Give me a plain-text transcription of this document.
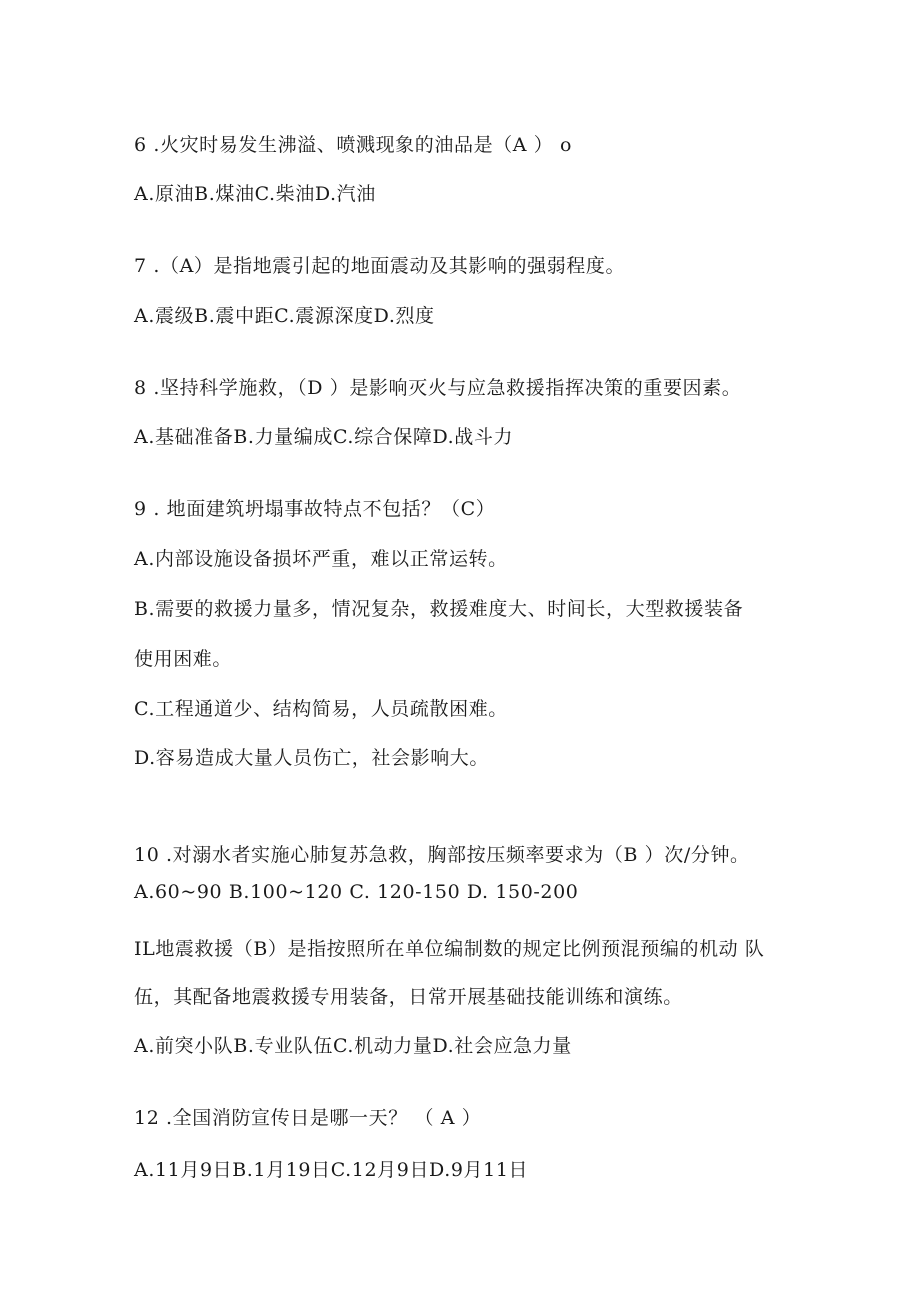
6 .火灾时易发生沸溢、喷溅现象的油品是（A ） o
A.原油B.煤油C.柴油D.汽油
7 .（A）是指地震引起的地面震动及其影响的强弱程度。
A.震级B.震中距C.震源深度D.烈度
8 .坚持科学施救，（D ）是影响灭火与应急救援指挥决策的重要因素。
A.基础准备B.力量编成C.综合保障D.战斗力
9 . 地面建筑坍塌事故特点不包括？（C）
A.内部设施设备损坏严重，难以正常运转。
B.需要的救援力量多，情况复杂，救援难度大、时间长，大型救援装备
使用困难。
C.工程通道少、结构简易，人员疏散困难。
D.容易造成大量人员伤亡，社会影响大。
10 .对溺水者实施心肺复苏急救，胸部按压频率要求为（B ）次/分钟。
A.60~90 B.100~120 C. 120-150 D. 150-200
IL地震救援（B）是指按照所在单位编制数的规定比例预混预编的机动 队
伍，其配备地震救援专用装备，日常开展基础技能训练和演练。
A.前突小队B.专业队伍C.机动力量D.社会应急力量
12 .全国消防宣传日是哪一天？ （ A ）
A.11月9日B.1月19日C.12月9日D.9月11日
